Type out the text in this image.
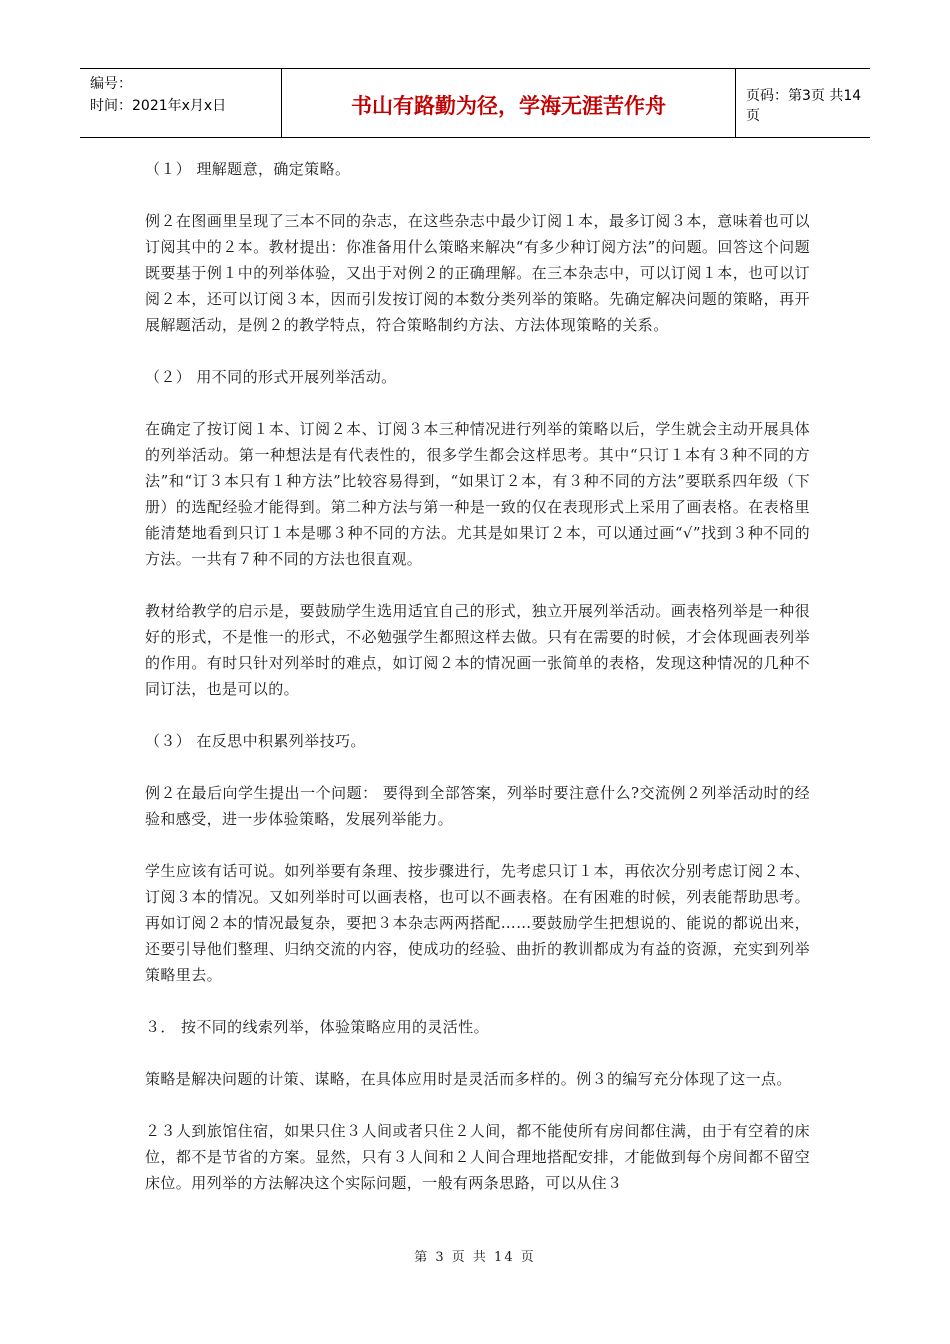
编号：
时间：2021年x月x日	书山有路勤为径，学海无涯苦作舟	页码：第3页 共14页

（１） 理解题意，确定策略。

例２在图画里呈现了三本不同的杂志，在这些杂志中最少订阅１本，最多订阅３本，意味着也可以订阅其中的２本。教材提出：你准备用什么策略来解决“有多少种订阅方法”的问题。回答这个问题既要基于例１中的列举体验，又出于对例２的正确理解。在三本杂志中，可以订阅１本，也可以订阅２本，还可以订阅３本，因而引发按订阅的本数分类列举的策略。先确定解决问题的策略，再开展解题活动，是例２的教学特点，符合策略制约方法、方法体现策略的关系。

（２） 用不同的形式开展列举活动。

在确定了按订阅１本、订阅２本、订阅３本三种情况进行列举的策略以后，学生就会主动开展具体的列举活动。第一种想法是有代表性的，很多学生都会这样思考。其中“只订１本有３种不同的方法”和“订３本只有１种方法”比较容易得到，“如果订２本，有３种不同的方法”要联系四年级（下册）的选配经验才能得到。第二种方法与第一种是一致的仅在表现形式上采用了画表格。在表格里能清楚地看到只订１本是哪３种不同的方法。尤其是如果订２本，可以通过画“√”找到３种不同的方法。一共有７种不同的方法也很直观。

教材给教学的启示是，要鼓励学生选用适宜自己的形式，独立开展列举活动。画表格列举是一种很好的形式，不是惟一的形式，不必勉强学生都照这样去做。只有在需要的时候，才会体现画表列举的作用。有时只针对列举时的难点，如订阅２本的情况画一张简单的表格，发现这种情况的几种不同订法，也是可以的。

（３） 在反思中积累列举技巧。

例２在最后向学生提出一个问题： 要得到全部答案，列举时要注意什么?交流例２列举活动时的经验和感受，进一步体验策略，发展列举能力。

学生应该有话可说。如列举要有条理、按步骤进行，先考虑只订１本，再依次分别考虑订阅２本、订阅３本的情况。又如列举时可以画表格，也可以不画表格。在有困难的时候，列表能帮助思考。再如订阅２本的情况最复杂，要把３本杂志两两搭配……要鼓励学生把想说的、能说的都说出来，还要引导他们整理、归纳交流的内容，使成功的经验、曲折的教训都成为有益的资源，充实到列举策略里去。

３． 按不同的线索列举，体验策略应用的灵活性。

策略是解决问题的计策、谋略，在具体应用时是灵活而多样的。例３的编写充分体现了这一点。

２３人到旅馆住宿，如果只住３人间或者只住２人间，都不能使所有房间都住满，由于有空着的床位，都不是节省的方案。显然，只有３人间和２人间合理地搭配安排，才能做到每个房间都不留空床位。用列举的方法解决这个实际问题，一般有两条思路，可以从住３

第 3 页 共 14 页
